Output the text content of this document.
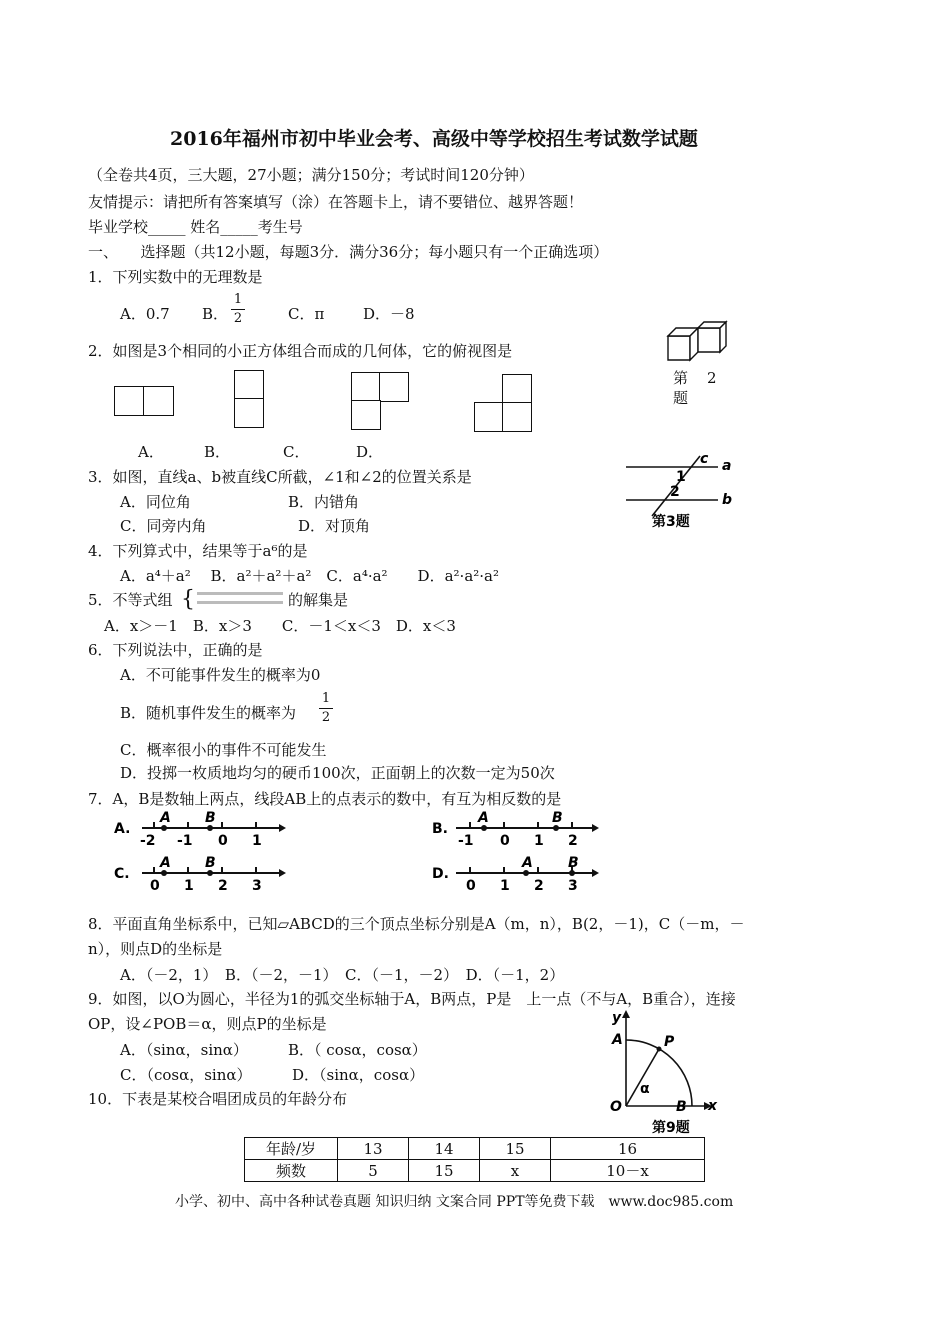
2016年福州市初中毕业会考、高级中等学校招生考试数学试题
（全卷共4页，三大题，27小题；满分150分；考试时间120分钟）
友情提示：请把所有答案填写（涂）在答题卡上，请不要错位、越界答题！
毕业学校_____ 姓名_____考生号
一、　　选择题（共12小题，每题3分．满分36分；每小题只有一个正确选项）
1．下列实数中的无理数是
A．0.7 B．
1
2	C．π	D．－8
2．如图是3个相同的小正方体组合而成的几何体，它的俯视图是
第 2
题
A．	B．	C．	D．
3．如图，直线a、b被直线C所截，∠1和∠2的位置关系是
A．同位角	B．内错角
C．同旁内角	D．对顶角
c a
b
1
2
第3题
4．下列算式中，结果等于a⁶的是
A．a⁴＋a²　 B．a²＋a²＋a²　C．a⁴·a²　　D．a²·a²·a²
5．不等式组 {	的解集是
A．x＞－1　B．x＞3　　C．－1＜x＜3　D．x＜3
6．下列说法中，正确的是
A．不可能事件发生的概率为0
B．随机事件发生的概率为
1
2
C．概率很小的事件不可能发生
D．投掷一枚质地均匀的硬币100次，正面朝上的次数一定为50次
7．A，B是数轴上两点，线段AB上的点表示的数中，有互为相反数的是
A.
A B
-2 -1 0 1
B.
A	B
-1 0 1 2
C.
A B
0 1 2 3
D.
A	B
0 1 2 3
8．平面直角坐标系中，已知▱ABCD的三个顶点坐标分别是A（m，n），B(2，－1)，C（－m，－
n），则点D的坐标是
A．（－2，1）　B．（－2，－1）　C．（－1，－2）　D．（－1，2）
9．如图，以O为圆心，半径为1的弧交坐标轴于A，B两点，P是　上一点（不与A，B重合），连接
OP，设∠POB＝α，则点P的坐标是
A．（sinα，sinα）	B．（ cosα，cosα）
C．（cosα，sinα）	D．（sinα，cosα）
y
x
A	P
O	B
α
第9题
10．下表是某校合唱团成员的年龄分布
年龄/岁	13	14	15	16
频数	5	15	x	10－x
小学、初中、高中各种试卷真题 知识归纳 文案合同 PPT等免费下载　www.doc985.com
